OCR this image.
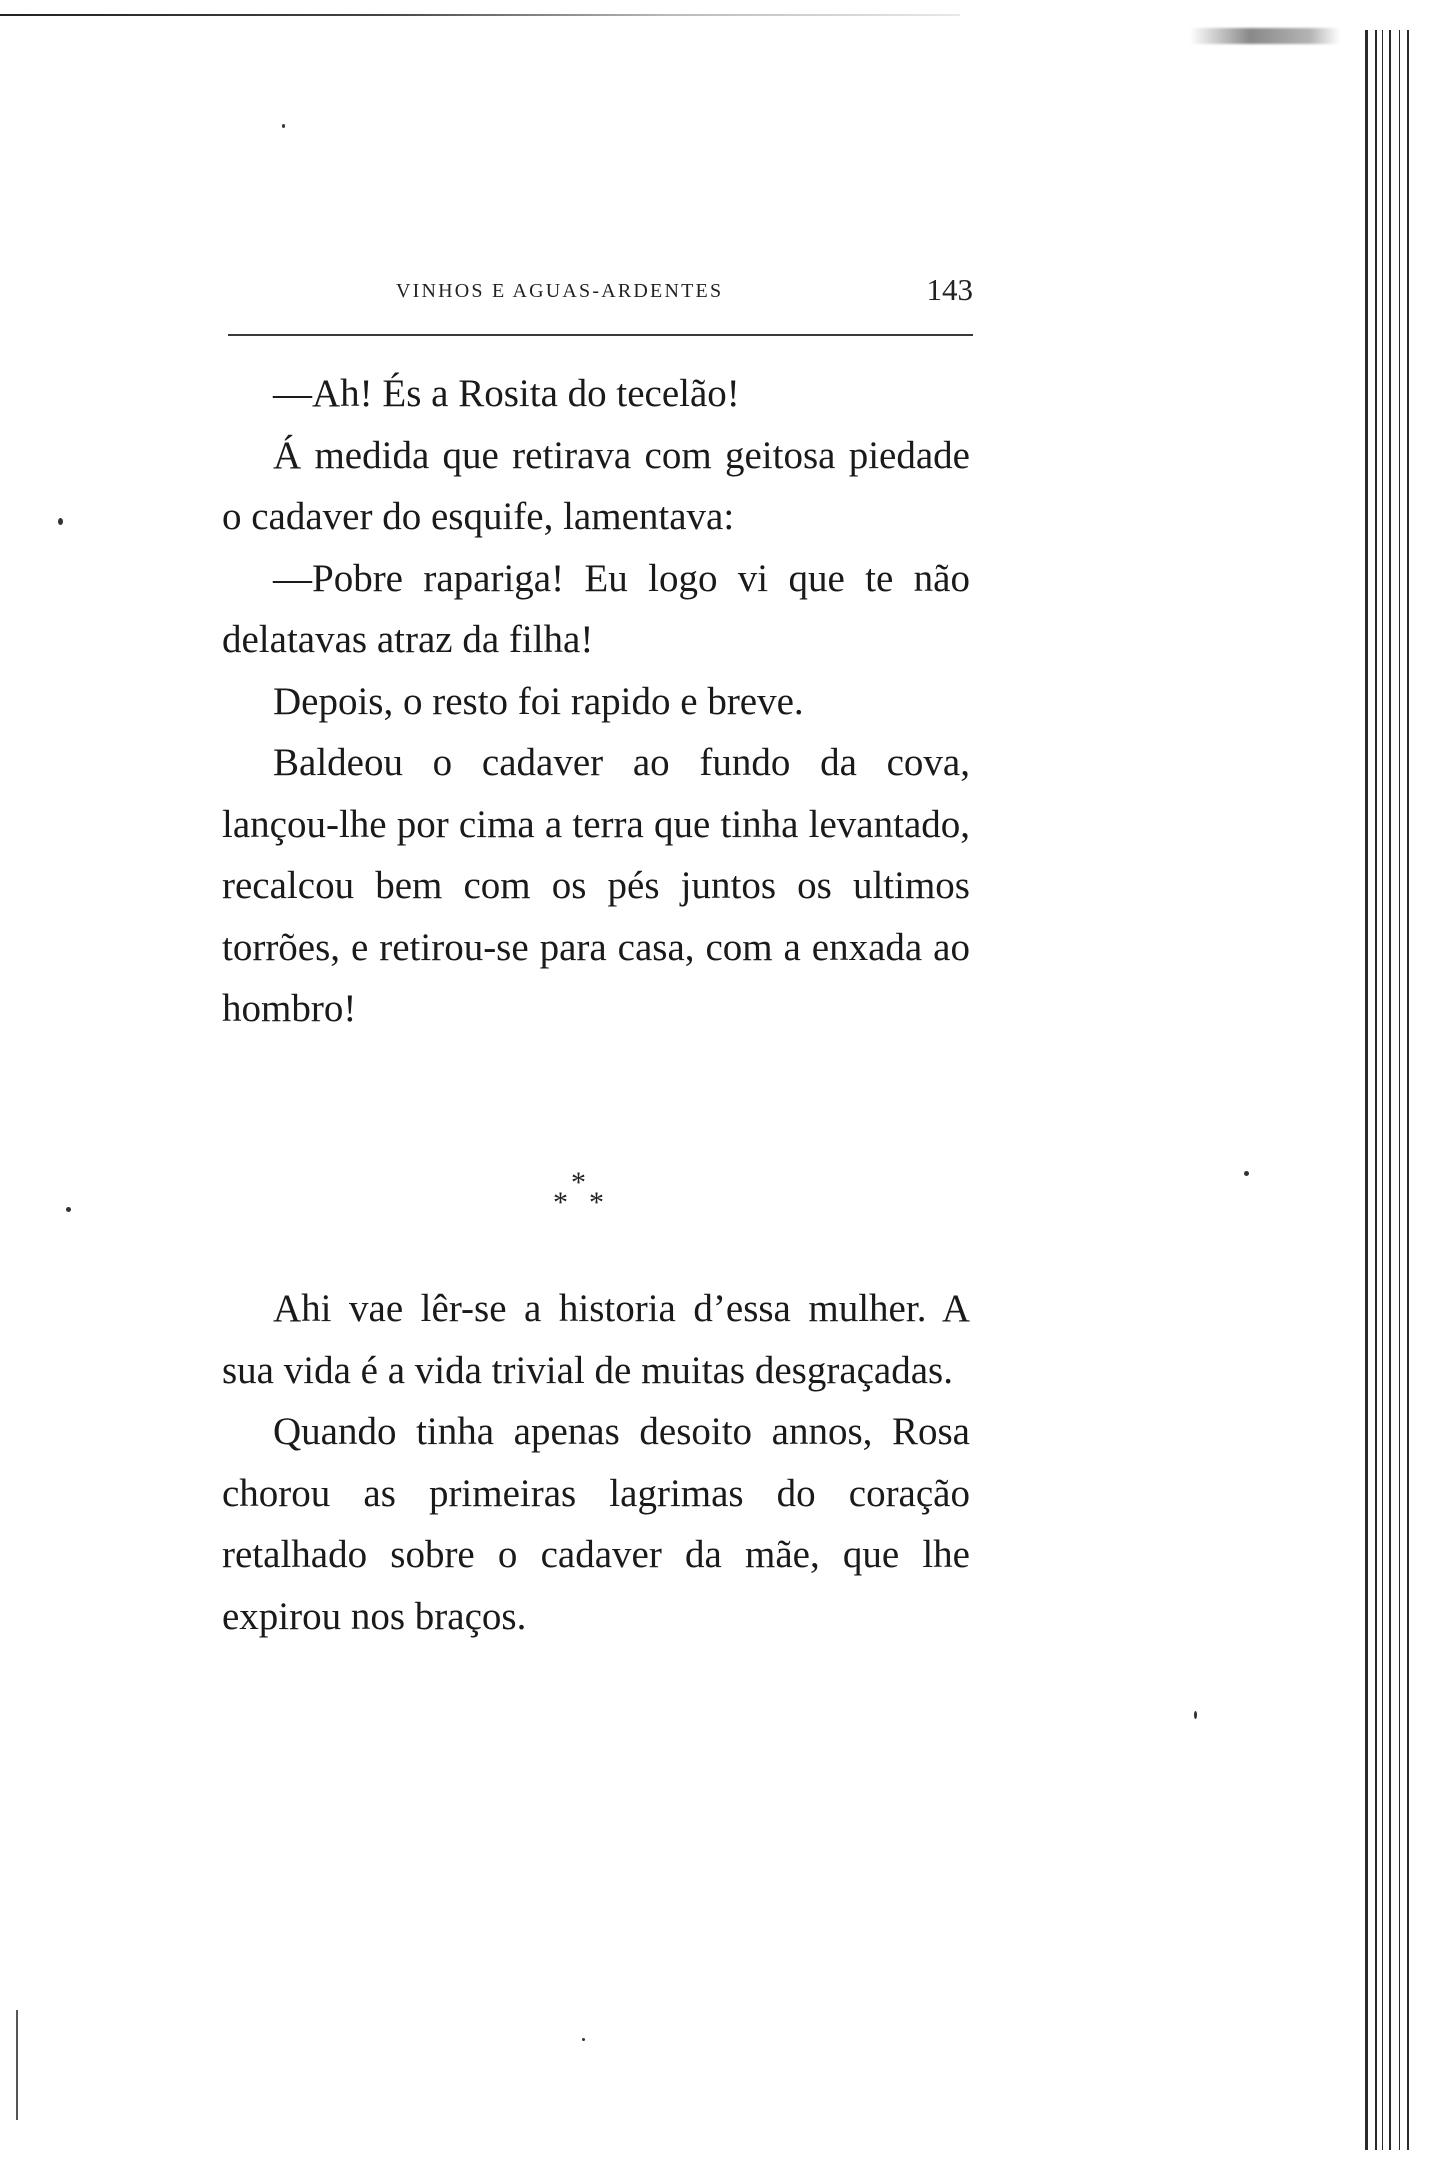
VINHOS E AGUAS-ARDENTES	143

—Ah! És a Rosita do tecelão!

Á medida que retirava com geitosa piedade o cadaver do esquife, lamentava:

—Pobre rapariga! Eu logo vi que te não delatavas atraz da filha!

Depois, o resto foi rapido e breve.

Baldeou o cadaver ao fundo da cova, lançou-lhe por cima a terra que tinha levantado, recalcou bem com os pés juntos os ultimos torrões, e retirou-se para casa, com a enxada ao hombro!

*
* *

Ahi vae lêr-se a historia d’essa mulher. A sua vida é a vida trivial de muitas desgraçadas.

Quando tinha apenas desoito annos, Rosa chorou as primeiras lagrimas do coração retalhado sobre o cadaver da mãe, que lhe expirou nos braços.
